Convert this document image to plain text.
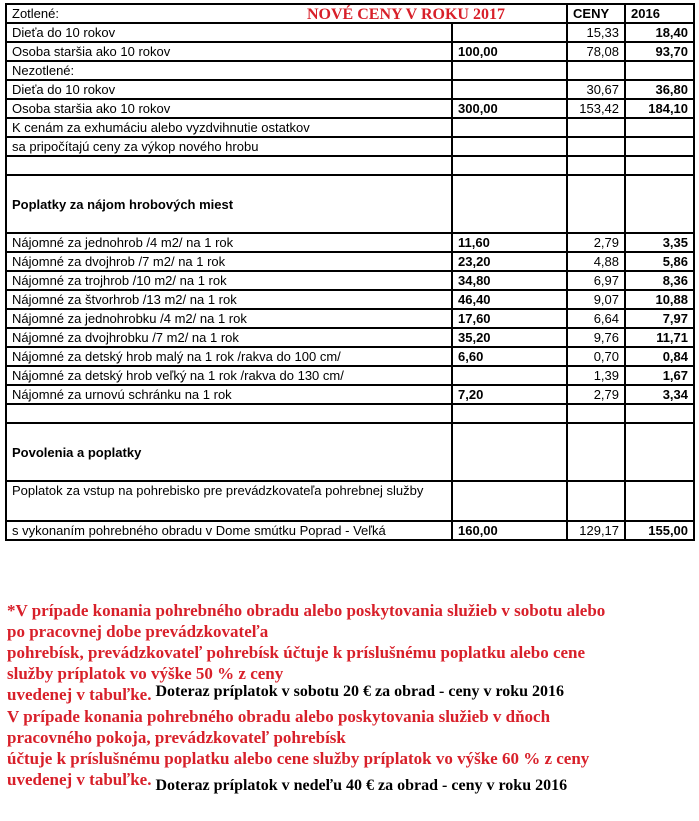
Zotlené: NOVÉ CENY V ROKU 2017		CENY	2016
Dieťa do 10 rokov		15,33	18,40
Osoba staršia ako 10 rokov	100,00	78,08	93,70
Nezotlené:			
Dieťa do 10 rokov		30,67	36,80
Osoba staršia ako 10 rokov	300,00	153,42	184,10
K cenám za exhumáciu alebo vyzdvihnutie ostatkov			
sa pripočítajú ceny za výkop nového hrobu			

Poplatky za nájom hrobových miest			
Nájomné za jednohrob /4 m2/ na 1 rok	11,60	2,79	3,35
Nájomné za dvojhrob /7 m2/ na 1 rok	23,20	4,88	5,86
Nájomné za trojhrob /10 m2/ na 1 rok	34,80	6,97	8,36
Nájomné za štvorhrob /13 m2/ na 1 rok	46,40	9,07	10,88
Nájomné za jednohrobku /4 m2/ na 1 rok	17,60	6,64	7,97
Nájomné za dvojhrobku /7 m2/ na 1 rok	35,20	9,76	11,71
Nájomné za detský hrob malý na 1 rok /rakva do 100 cm/	6,60	0,70	0,84
Nájomné za detský hrob veľký na 1 rok /rakva do 130 cm/		1,39	1,67
Nájomné za urnovú schránku na 1 rok	7,20	2,79	3,34

Povolenia a poplatky			
Poplatok za vstup na pohrebisko pre prevádzkovateľa pohrebnej služby			
s vykonaním pohrebného obradu v Dome smútku Poprad - Veľká	160,00	129,17	155,00
*V prípade konania pohrebného obradu alebo poskytovania služieb v sobotu alebo
po pracovnej dobe prevádzkovateľa
pohrebísk, prevádzkovateľ pohrebísk účtuje k príslušnému poplatku alebo cene
služby príplatok vo výške 50 % z ceny
uvedenej v tabuľke. Doteraz príplatok v sobotu 20 € za obrad - ceny v roku 2016
V prípade konania pohrebného obradu alebo poskytovania služieb v dňoch
pracovného pokoja, prevádzkovateľ pohrebísk
účtuje k príslušnému poplatku alebo cene služby príplatok vo výške 60 % z ceny
uvedenej v tabuľke. Doteraz príplatok v nedeľu 40 € za obrad - ceny v roku 2016
